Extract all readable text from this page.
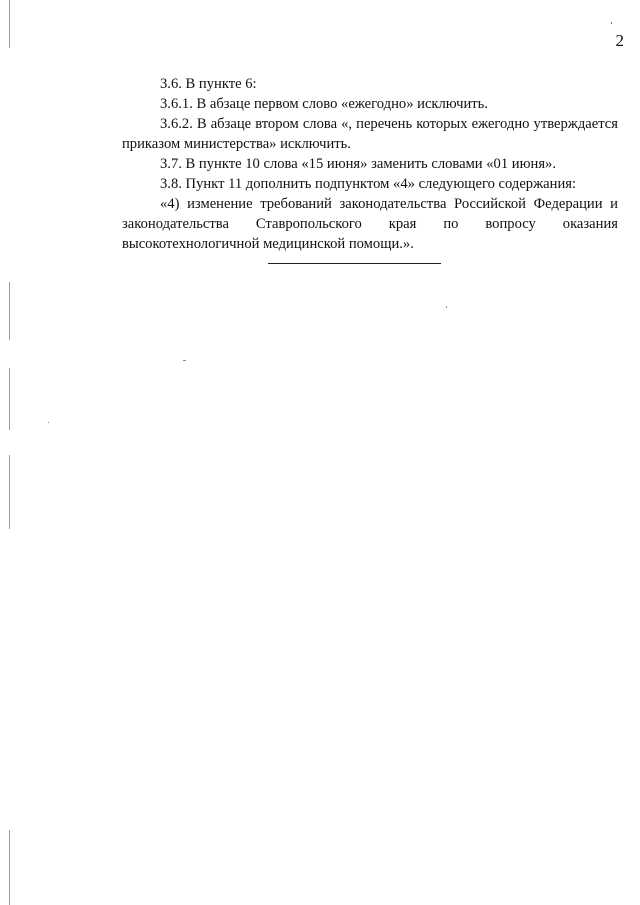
2

3.6. В пункте 6:

3.6.1. В абзаце первом слово «ежегодно» исключить.

3.6.2. В абзаце втором слова «, перечень которых ежегодно утверждается приказом министерства» исключить.

3.7. В пункте 10 слова «15 июня» заменить словами «01 июня».

3.8. Пункт 11 дополнить подпунктом «4» следующего содержания:

«4) изменение требований законодательства Российской Федерации и законодательства Ставропольского края по вопросу оказания высокотехнологичной медицинской помощи.».
